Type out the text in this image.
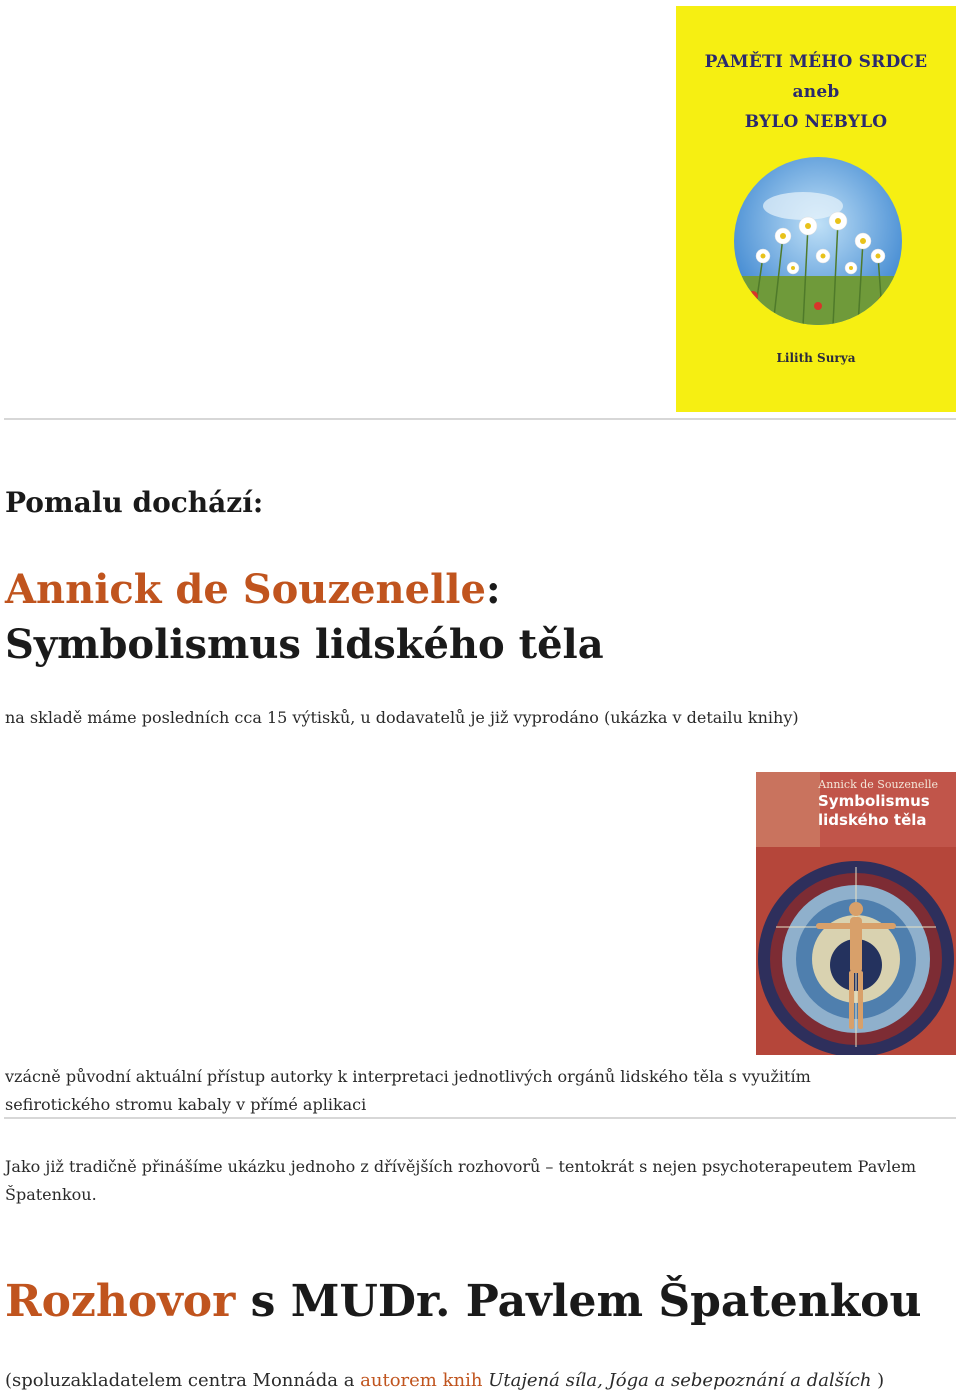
PAMĚTI MÉHO SRDCE
aneb
BYLO NEBYLO
Lilith Surya
Pomalu dochází:
Annick de Souzenelle: Symbolismus lidského těla
na skladě máme posledních cca 15 výtisků, u dodavatelů je již vyprodáno (ukázka v detailu knihy)
Annick de Souzenelle
Symbolismus
lidského těla
vzácně původní aktuální přístup autorky k interpretaci jednotlivých orgánů lidského těla s využitím sefirotického stromu kabaly v přímé aplikaci
Jako již tradičně přinášíme ukázku jednoho z dřívějších rozhovorů – tentokrát s nejen psychoterapeutem Pavlem Špatenkou.
Rozhovor s MUDr. Pavlem Špatenkou
(spoluzakladatelem centra Monnáda a autorem knih Utajená síla, Jóga a sebepoznání a dalších )
